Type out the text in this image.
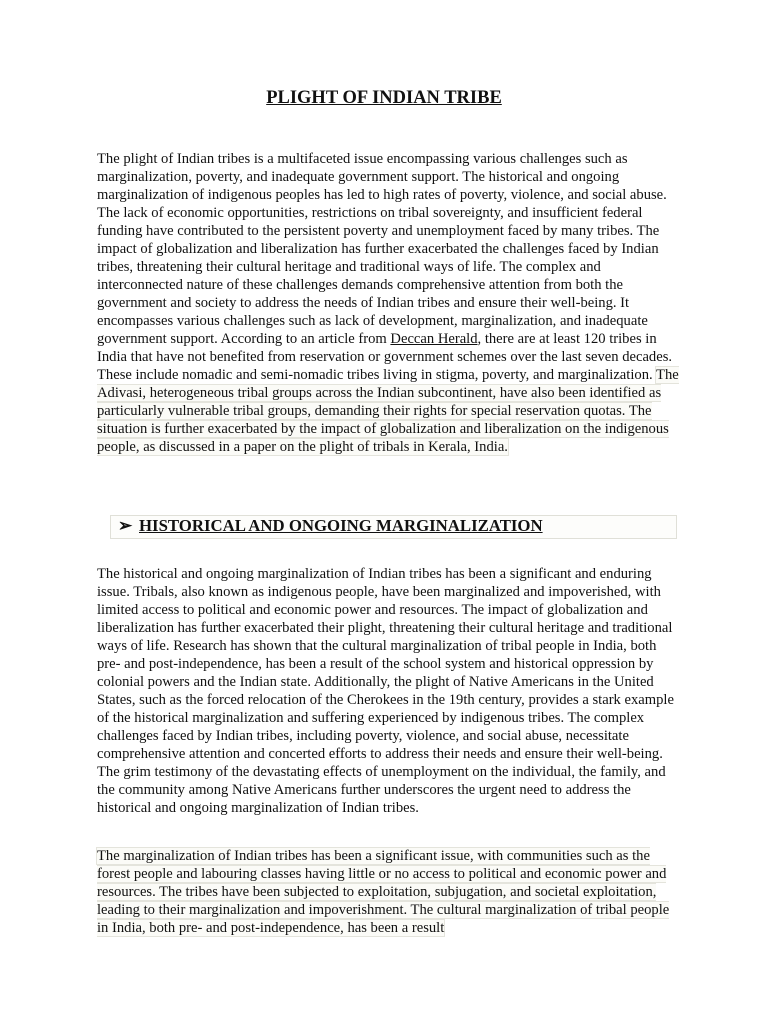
PLIGHT OF INDIAN TRIBE

The plight of Indian tribes is a multifaceted issue encompassing various challenges such as marginalization, poverty, and inadequate government support. The historical and ongoing marginalization of indigenous peoples has led to high rates of poverty, violence, and social abuse. The lack of economic opportunities, restrictions on tribal sovereignty, and insufficient federal funding have contributed to the persistent poverty and unemployment faced by many tribes. The impact of globalization and liberalization has further exacerbated the challenges faced by Indian tribes, threatening their cultural heritage and traditional ways of life. The complex and interconnected nature of these challenges demands comprehensive attention from both the government and society to address the needs of Indian tribes and ensure their well-being. It encompasses various challenges such as lack of development, marginalization, and inadequate government support. According to an article from Deccan Herald, there are at least 120 tribes in India that have not benefited from reservation or government schemes over the last seven decades. These include nomadic and semi-nomadic tribes living in stigma, poverty, and marginalization. The Adivasi, heterogeneous tribal groups across the Indian subcontinent, have also been identified as particularly vulnerable tribal groups, demanding their rights for special reservation quotas. The situation is further exacerbated by the impact of globalization and liberalization on the indigenous people, as discussed in a paper on the plight of tribals in Kerala, India.

➢ HISTORICAL AND ONGOING MARGINALIZATION

The historical and ongoing marginalization of Indian tribes has been a significant and enduring issue. Tribals, also known as indigenous people, have been marginalized and impoverished, with limited access to political and economic power and resources. The impact of globalization and liberalization has further exacerbated their plight, threatening their cultural heritage and traditional ways of life. Research has shown that the cultural marginalization of tribal people in India, both pre- and post-independence, has been a result of the school system and historical oppression by colonial powers and the Indian state. Additionally, the plight of Native Americans in the United States, such as the forced relocation of the Cherokees in the 19th century, provides a stark example of the historical marginalization and suffering experienced by indigenous tribes. The complex challenges faced by Indian tribes, including poverty, violence, and social abuse, necessitate comprehensive attention and concerted efforts to address their needs and ensure their well-being. The grim testimony of the devastating effects of unemployment on the individual, the family, and the community among Native Americans further underscores the urgent need to address the historical and ongoing marginalization of Indian tribes.

The marginalization of Indian tribes has been a significant issue, with communities such as the forest people and labouring classes having little or no access to political and economic power and resources. The tribes have been subjected to exploitation, subjugation, and societal exploitation, leading to their marginalization and impoverishment. The cultural marginalization of tribal people in India, both pre- and post-independence, has been a result
